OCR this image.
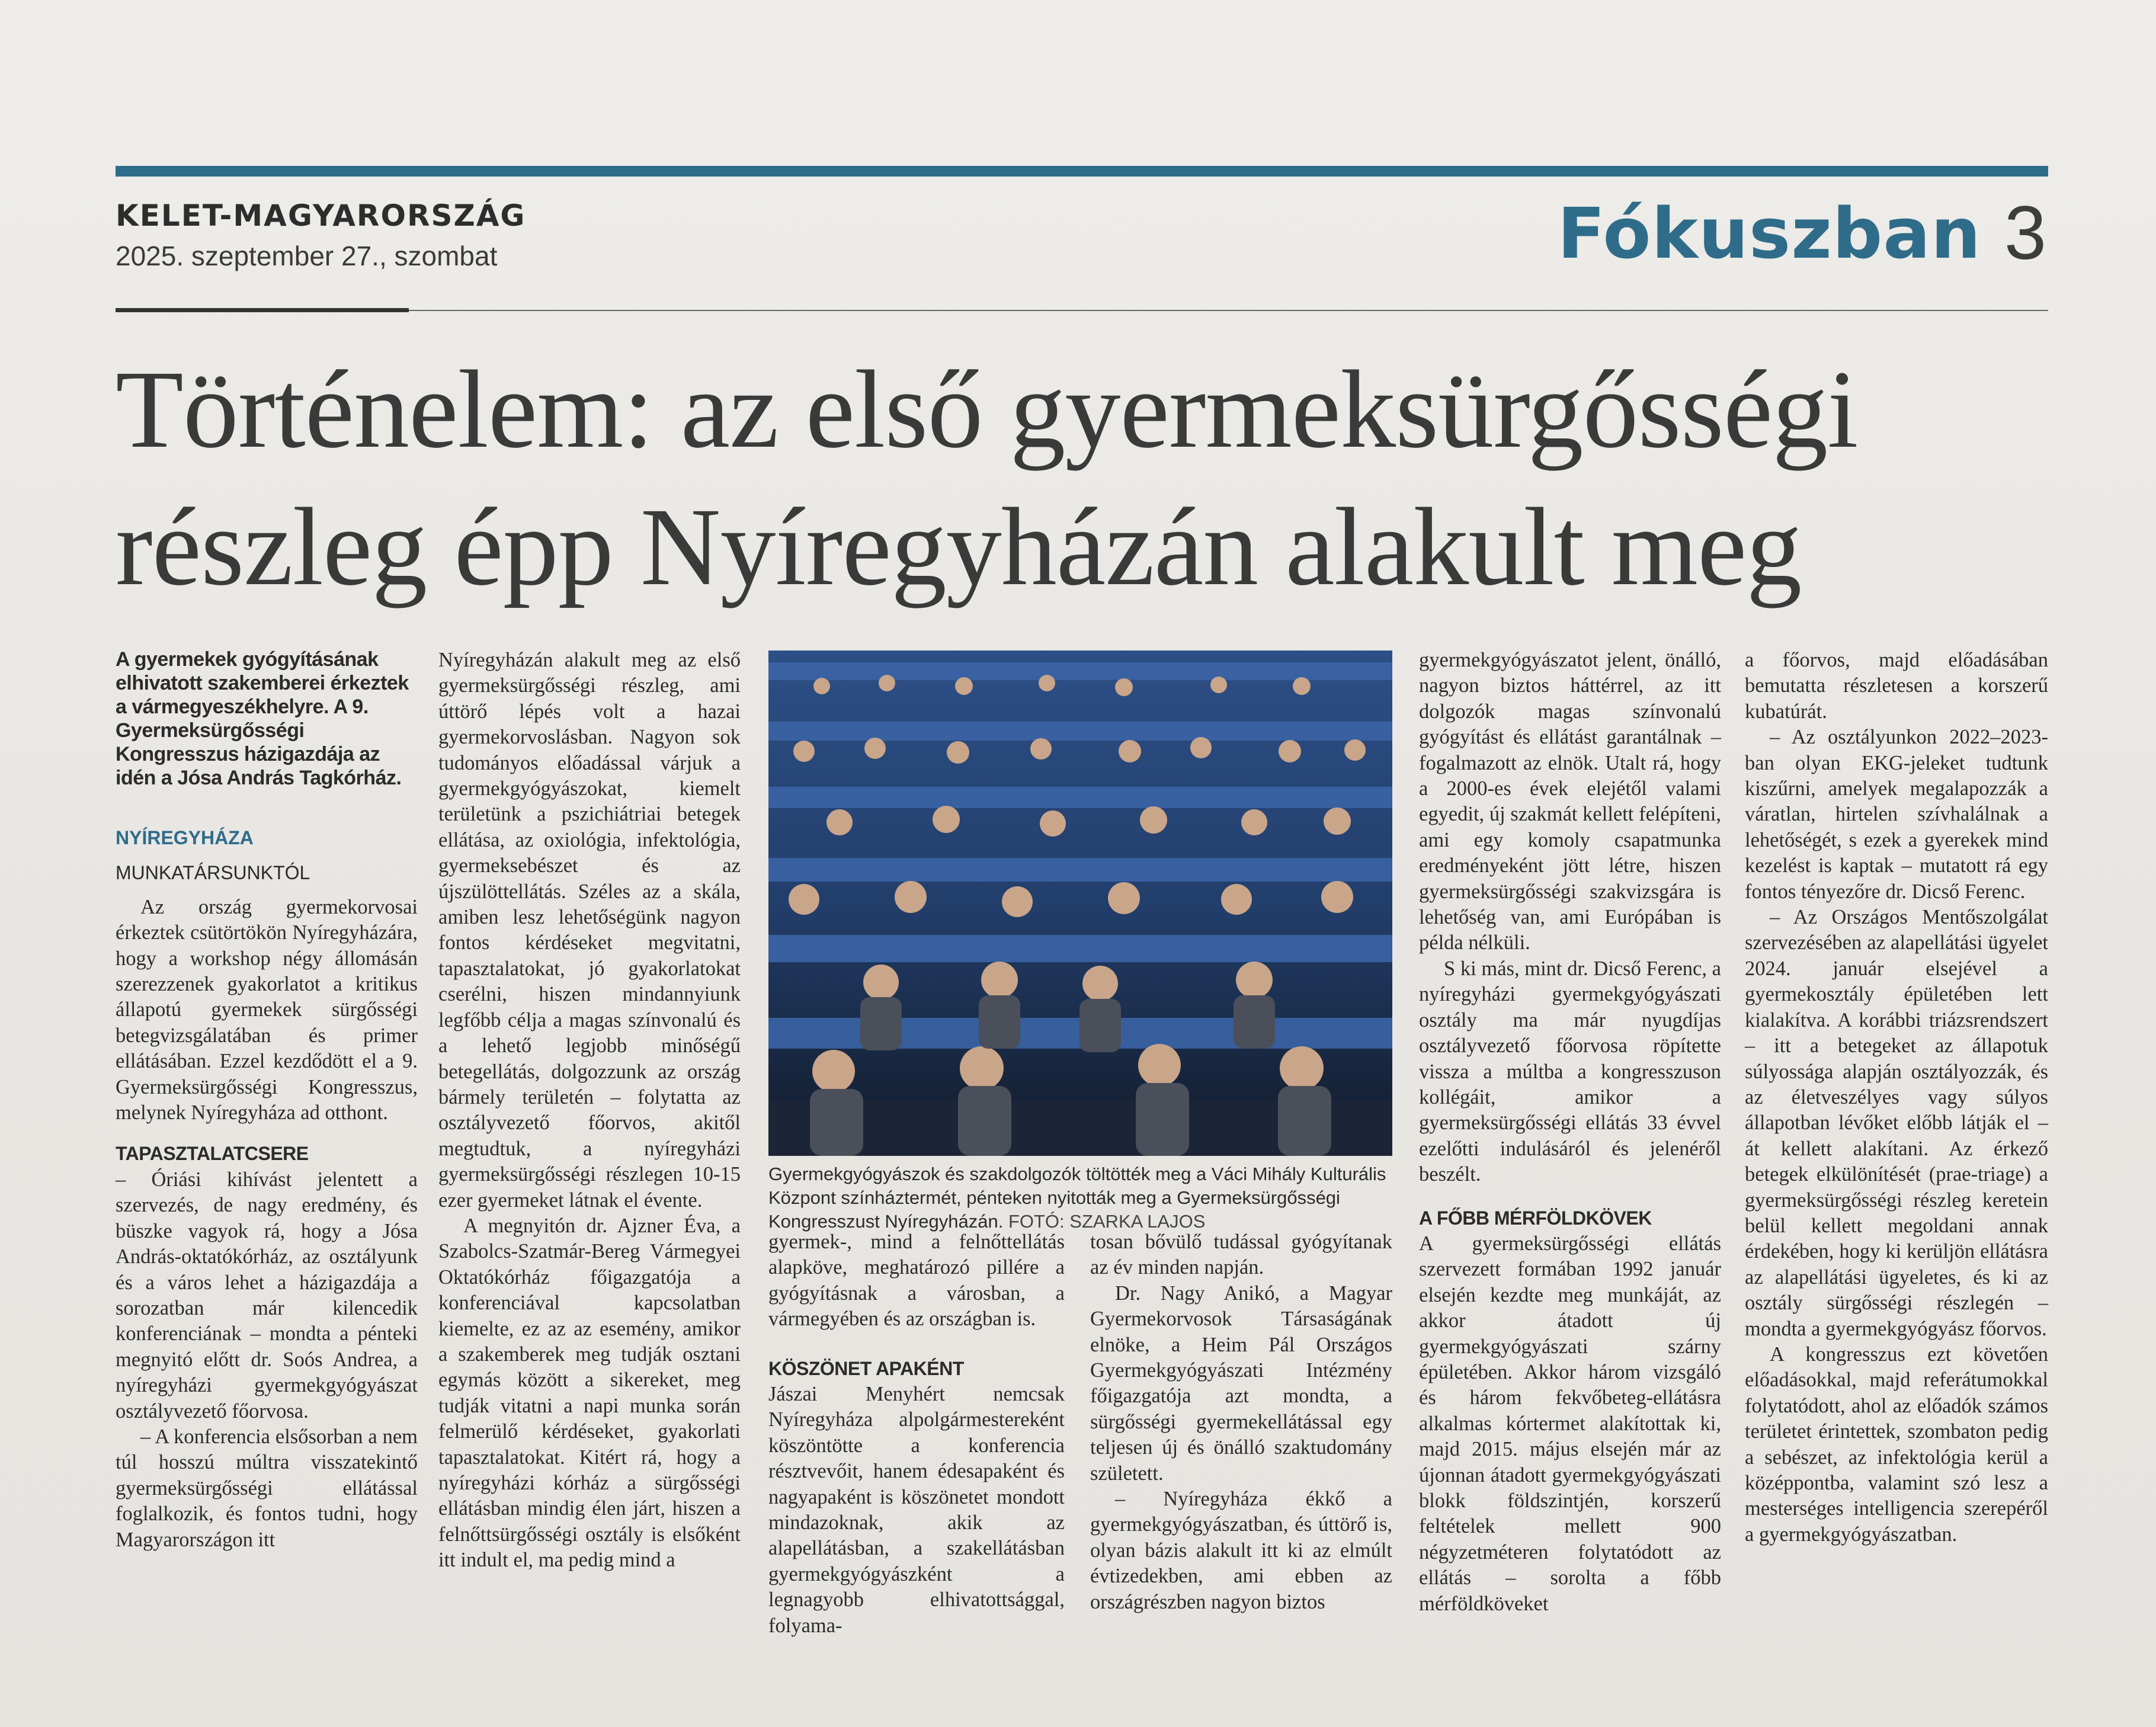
KELET-MAGYARORSZÁG
2025. szeptember 27., szombat	Fókuszban 3
Történelem: az első gyermeksürgősségi
részleg épp Nyíregyházán alakult meg
A gyermekek gyógyításának elhivatott szakemberei érkeztek a vármegyeszékhelyre. A 9. Gyermeksürgősségi Kongresszus házigazdája az idén a Jósa András Tagkórház.
NYÍREGYHÁZA
MUNKATÁRSUNKTÓL

Az ország gyermekorvosai érkeztek csütörtökön Nyíregyházára, hogy a workshop négy állomásán szerezzenek gyakorlatot a kritikus állapotú gyermekek sürgősségi betegvizsgálatában és primer ellátásában. Ezzel kezdődött el a 9. Gyermeksürgősségi Kongresszus, melynek Nyíregyháza ad otthont.

TAPASZTALATCSERE

– Óriási kihívást jelentett a szervezés, de nagy eredmény, és büszke vagyok rá, hogy a Jósa András-oktatókórház, az osztályunk és a város lehet a házigazdája a sorozatban már kilencedik konferenciának – mondta a pénteki megnyitó előtt dr. Soós Andrea, a nyíregyházi gyermekgyógyászat osztályvezető főorvosa.

– A konferencia elsősorban a nem túl hosszú múltra visszatekintő gyermeksürgősségi ellátással foglalkozik, és fontos tudni, hogy Magyarországon itt

Nyíregyházán alakult meg az első gyermeksürgősségi részleg, ami úttörő lépés volt a hazai gyermekorvoslásban. Nagyon sok tudományos előadással várjuk a gyermekgyógyászokat, kiemelt területünk a pszichiátriai betegek ellátása, az oxiológia, infektológia, gyermeksebészet és az újszülöttellátás. Széles az a skála, amiben lesz lehetőségünk nagyon fontos kérdéseket megvitatni, tapasztalatokat, jó gyakorlatokat cserélni, hiszen mindannyiunk legfőbb célja a magas színvonalú és a lehető legjobb minőségű betegellátás, dolgozzunk az ország bármely területén – folytatta az osztályvezető főorvos, akitől megtudtuk, a nyíregyházi gyermeksürgősségi részlegen 10-15 ezer gyermeket látnak el évente.

A megnyitón dr. Ajzner Éva, a Szabolcs-Szatmár-Bereg Vármegyei Oktatókórház főigazgatója a konferenciával kapcsolatban kiemelte, ez az az esemény, amikor a szakemberek meg tudják osztani egymás között a sikereket, meg tudják vitatni a napi munka során felmerülő kérdéseket, gyakorlati tapasztalatokat. Kitért rá, hogy a nyíregyházi kórház a sürgősségi ellátásban mindig élen járt, hiszen a felnőttsürgősségi osztály is elsőként itt indult el, ma pedig mind a

Gyermekgyógyászok és szakdolgozók töltötték meg a Váci Mihály Kulturális Központ színháztermét, pénteken nyitották meg a Gyermeksürgősségi Kongresszust Nyíregyházán. FOTÓ: SZARKA LAJOS

gyermek-, mind a felnőttellátás alapköve, meghatározó pillére a gyógyításnak a városban, a vármegyében és az országban is.

KÖSZÖNET APAKÉNT

Jászai Menyhért nemcsak Nyíregyháza alpolgármestereként köszöntötte a konferencia résztvevőit, hanem édesapaként és nagyapaként is köszönetet mondott mindazoknak, akik az alapellátásban, a szakellátásban gyermekgyógyászként a legnagyobb elhivatottsággal, folyama-

tosan bővülő tudással gyógyítanak az év minden napján.

Dr. Nagy Anikó, a Magyar Gyermekorvosok Társaságának elnöke, a Heim Pál Országos Gyermekgyógyászati Intézmény főigazgatója azt mondta, a sürgősségi gyermekellátással egy teljesen új és önálló szaktudomány született.

– Nyíregyháza ékkő a gyermekgyógyászatban, és úttörő is, olyan bázis alakult itt ki az elmúlt évtizedekben, ami ebben az országrészben nagyon biztos

gyermekgyógyászatot jelent, önálló, nagyon biztos háttérrel, az itt dolgozók magas színvonalú gyógyítást és ellátást garantálnak – fogalmazott az elnök. Utalt rá, hogy a 2000-es évek elejétől valami egyedit, új szakmát kellett felépíteni, ami egy komoly csapatmunka eredményeként jött létre, hiszen gyermeksürgősségi szakvizsgára is lehetőség van, ami Európában is példa nélküli.

S ki más, mint dr. Dicső Ferenc, a nyíregyházi gyermekgyógyászati osztály ma már nyugdíjas osztályvezető főorvosa röpítette vissza a múltba a kongresszuson kollégáit, amikor a gyermeksürgősségi ellátás 33 évvel ezelőtti indulásáról és jelenéről beszélt.

A FŐBB MÉRFÖLDKÖVEK

A gyermeksürgősségi ellátás szervezett formában 1992 január elsején kezdte meg munkáját, az akkor átadott új gyermekgyógyászati szárny épületében. Akkor három vizsgáló és három fekvőbeteg-ellátásra alkalmas kórtermet alakítottak ki, majd 2015. május elsején már az újonnan átadott gyermekgyógyászati blokk földszintjén, korszerű feltételek mellett 900 négyzetméteren folytatódott az ellátás – sorolta a főbb mérföldköveket

a főorvos, majd előadásában bemutatta részletesen a korszerű kubatúrát.

– Az osztályunkon 2022–2023-ban olyan EKG-jeleket tudtunk kiszűrni, amelyek megalapozzák a váratlan, hirtelen szívhalálnak a lehetőségét, s ezek a gyerekek mind kezelést is kaptak – mutatott rá egy fontos tényezőre dr. Dicső Ferenc.

– Az Országos Mentőszolgálat szervezésében az alapellátási ügyelet 2024. január elsejével a gyermekosztály épületében lett kialakítva. A korábbi triázsrendszert – itt a betegeket az állapotuk súlyossága alapján osztályozzák, és az életveszélyes vagy súlyos állapotban lévőket előbb látják el – át kellett alakítani. Az érkező betegek elkülönítését (prae-triage) a gyermeksürgősségi részleg keretein belül kellett megoldani annak érdekében, hogy ki kerüljön ellátásra az alapellátási ügyeletes, és ki az osztály sürgősségi részlegén – mondta a gyermekgyógyász főorvos.

A kongresszus ezt követően előadásokkal, majd referátumokkal folytatódott, ahol az előadók számos területet érintettek, szombaton pedig a sebészet, az infektológia kerül a középpontba, valamint szó lesz a mesterséges intelligencia szerepéről a gyermekgyógyászatban.
